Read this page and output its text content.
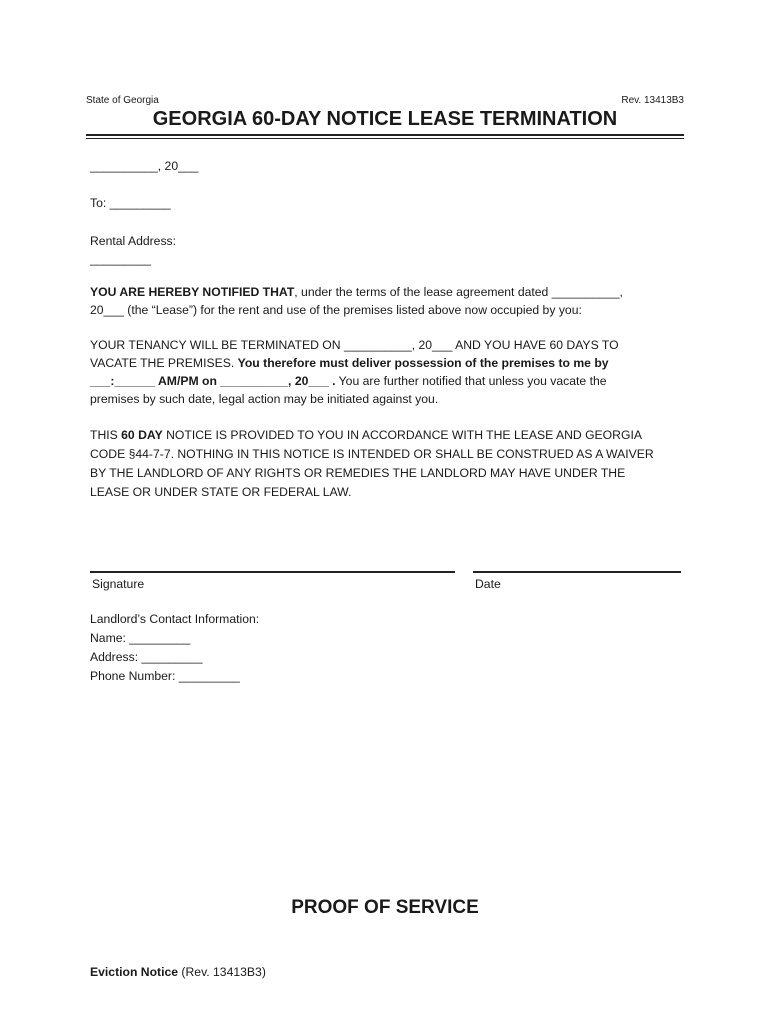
State of Georgia	Rev. 13413B3
GEORGIA 60-DAY NOTICE LEASE TERMINATION
__________, 20___
To: _________
Rental Address:
_________
YOU ARE HEREBY NOTIFIED THAT, under the terms of the lease agreement dated __________,
20___ (the “Lease”) for the rent and use of the premises listed above now occupied by you:
YOUR TENANCY WILL BE TERMINATED ON __________, 20___ AND YOU HAVE 60 DAYS TO
VACATE THE PREMISES. You therefore must deliver possession of the premises to me by
___:______ AM/PM on __________, 20___ . You are further notified that unless you vacate the
premises by such date, legal action may be initiated against you.
THIS 60 DAY NOTICE IS PROVIDED TO YOU IN ACCORDANCE WITH THE LEASE AND GEORGIA
CODE §44-7-7. NOTHING IN THIS NOTICE IS INTENDED OR SHALL BE CONSTRUED AS A WAIVER
BY THE LANDLORD OF ANY RIGHTS OR REMEDIES THE LANDLORD MAY HAVE UNDER THE
LEASE OR UNDER STATE OR FEDERAL LAW.
Signature	Date
Landlord’s Contact Information:
Name: _________
Address: _________
Phone Number: _________
PROOF OF SERVICE
Eviction Notice (Rev. 13413B3)
